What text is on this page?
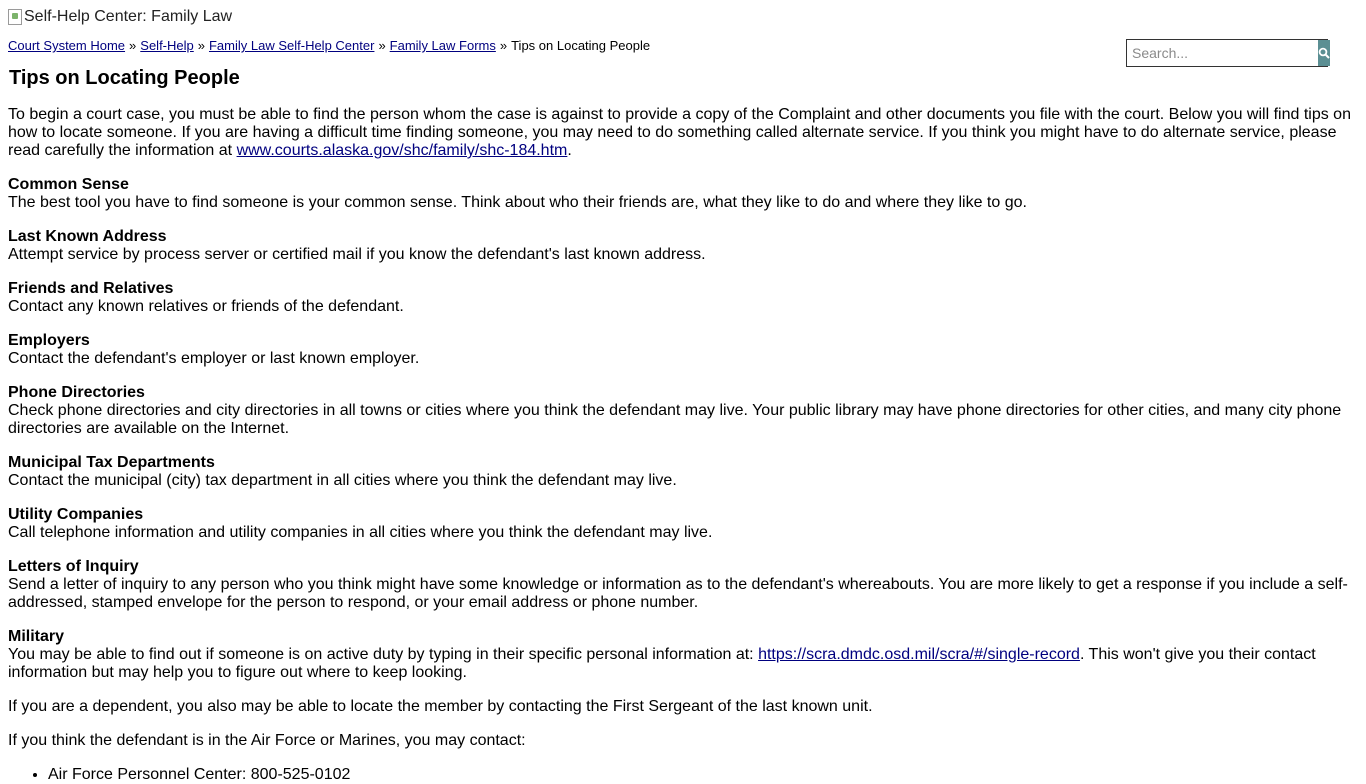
Self-Help Center: Family Law
Court System Home » Self-Help » Family Law Self-Help Center » Family Law Forms » Tips on Locating People
Search...
Tips on Locating People

To begin a court case, you must be able to find the person whom the case is against to provide a copy of the Complaint and other documents you file with the court. Below you will find tips on how to locate someone. If you are having a difficult time finding someone, you may need to do something called alternate service. If you think you might have to do alternate service, please read carefully the information at www.courts.alaska.gov/shc/family/shc-184.htm.

Common Sense
The best tool you have to find someone is your common sense. Think about who their friends are, what they like to do and where they like to go.

Last Known Address
Attempt service by process server or certified mail if you know the defendant's last known address.

Friends and Relatives
Contact any known relatives or friends of the defendant.

Employers
Contact the defendant's employer or last known employer.

Phone Directories
Check phone directories and city directories in all towns or cities where you think the defendant may live. Your public library may have phone directories for other cities, and many city phone directories are available on the Internet.

Municipal Tax Departments
Contact the municipal (city) tax department in all cities where you think the defendant may live.

Utility Companies
Call telephone information and utility companies in all cities where you think the defendant may live.

Letters of Inquiry
Send a letter of inquiry to any person who you think might have some knowledge or information as to the defendant's whereabouts. You are more likely to get a response if you include a self-addressed, stamped envelope for the person to respond, or your email address or phone number.

Military
You may be able to find out if someone is on active duty by typing in their specific personal information at: https://scra.dmdc.osd.mil/scra/#/single-record. This won't give you their contact information but may help you to figure out where to keep looking.

If you are a dependent, you also may be able to locate the member by contacting the First Sergeant of the last known unit.

If you think the defendant is in the Air Force or Marines, you may contact:

• Air Force Personnel Center: 800-525-0102
